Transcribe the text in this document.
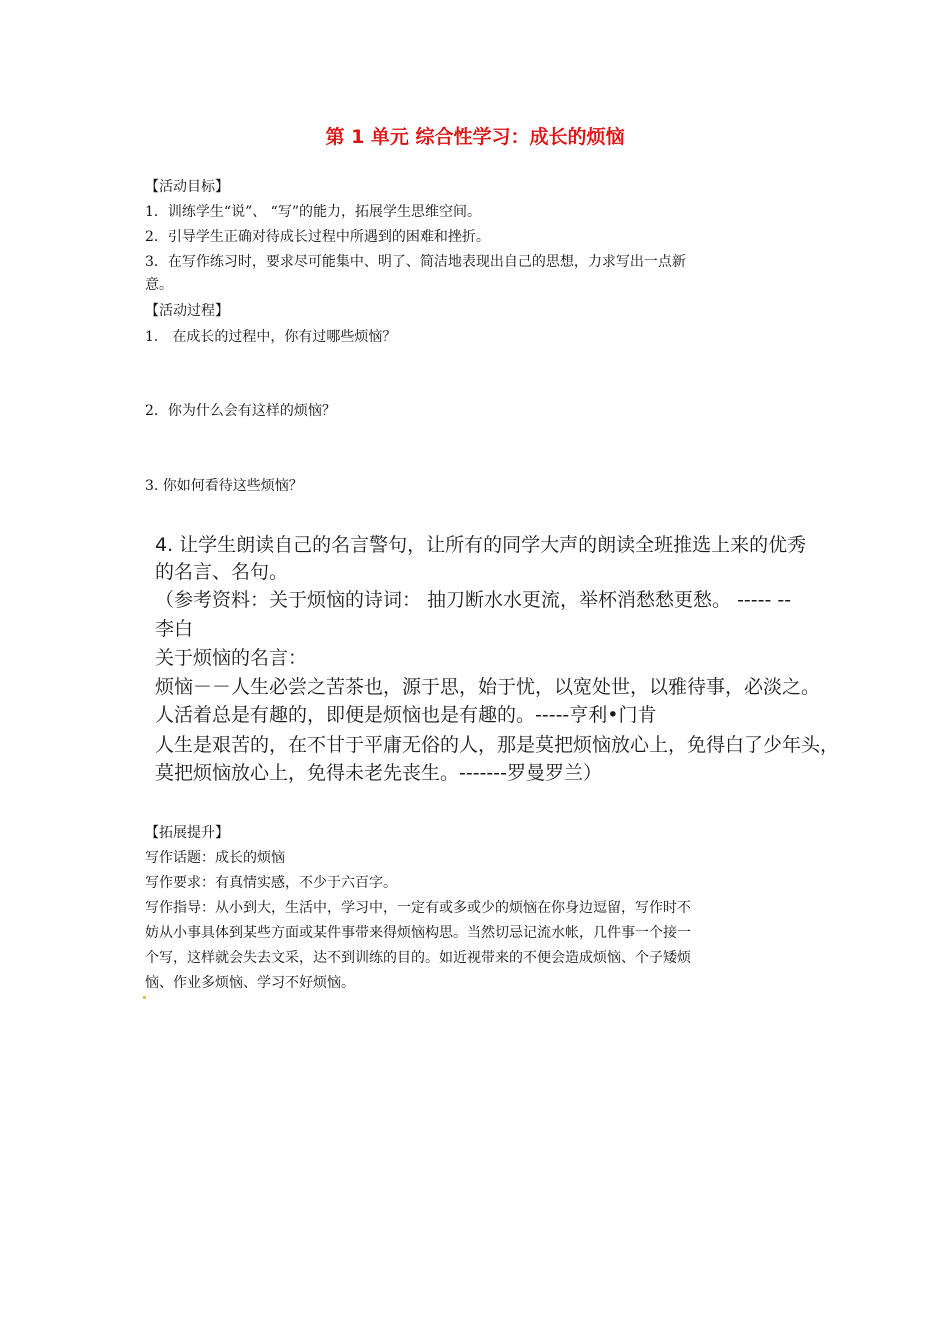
第 1 单元 综合性学习：成长的烦恼
【活动目标】
1．训练学生“说”、 “写”的能力，拓展学生思维空间。
2．引导学生正确对待成长过程中所遇到的困难和挫折。
3．在写作练习时，要求尽可能集中、明了、简洁地表现出自己的思想，力求写出一点新
意。
【活动过程】
1． 在成长的过程中，你有过哪些烦恼？
2．你为什么会有这样的烦恼？
3. 你如何看待这些烦恼？
4. 让学生朗读自己的名言警句，让所有的同学大声的朗读全班推选上来的优秀
的名言、名句。
（参考资料：关于烦恼的诗词： 抽刀断水水更流，举杯消愁愁更愁。 ----- --
李白
关于烦恼的名言：
烦恼－－人生必尝之苦茶也，源于思，始于忧，以宽处世，以雅待事，必淡之。
人活着总是有趣的，即便是烦恼也是有趣的。-----亨利•门肯
人生是艰苦的，在不甘于平庸无俗的人，那是莫把烦恼放心上，免得白了少年头，
莫把烦恼放心上，免得未老先丧生。-------罗曼罗兰）
【拓展提升】
写作话题：成长的烦恼
写作要求：有真情实感，不少于六百字。
写作指导：从小到大，生活中，学习中，一定有或多或少的烦恼在你身边逗留，写作时不
妨从小事具体到某些方面或某件事带来得烦恼构思。当然切忌记流水帐，几件事一个接一
个写，这样就会失去文采，达不到训练的目的。如近视带来的不便会造成烦恼、个子矮烦
恼、作业多烦恼、学习不好烦恼。
